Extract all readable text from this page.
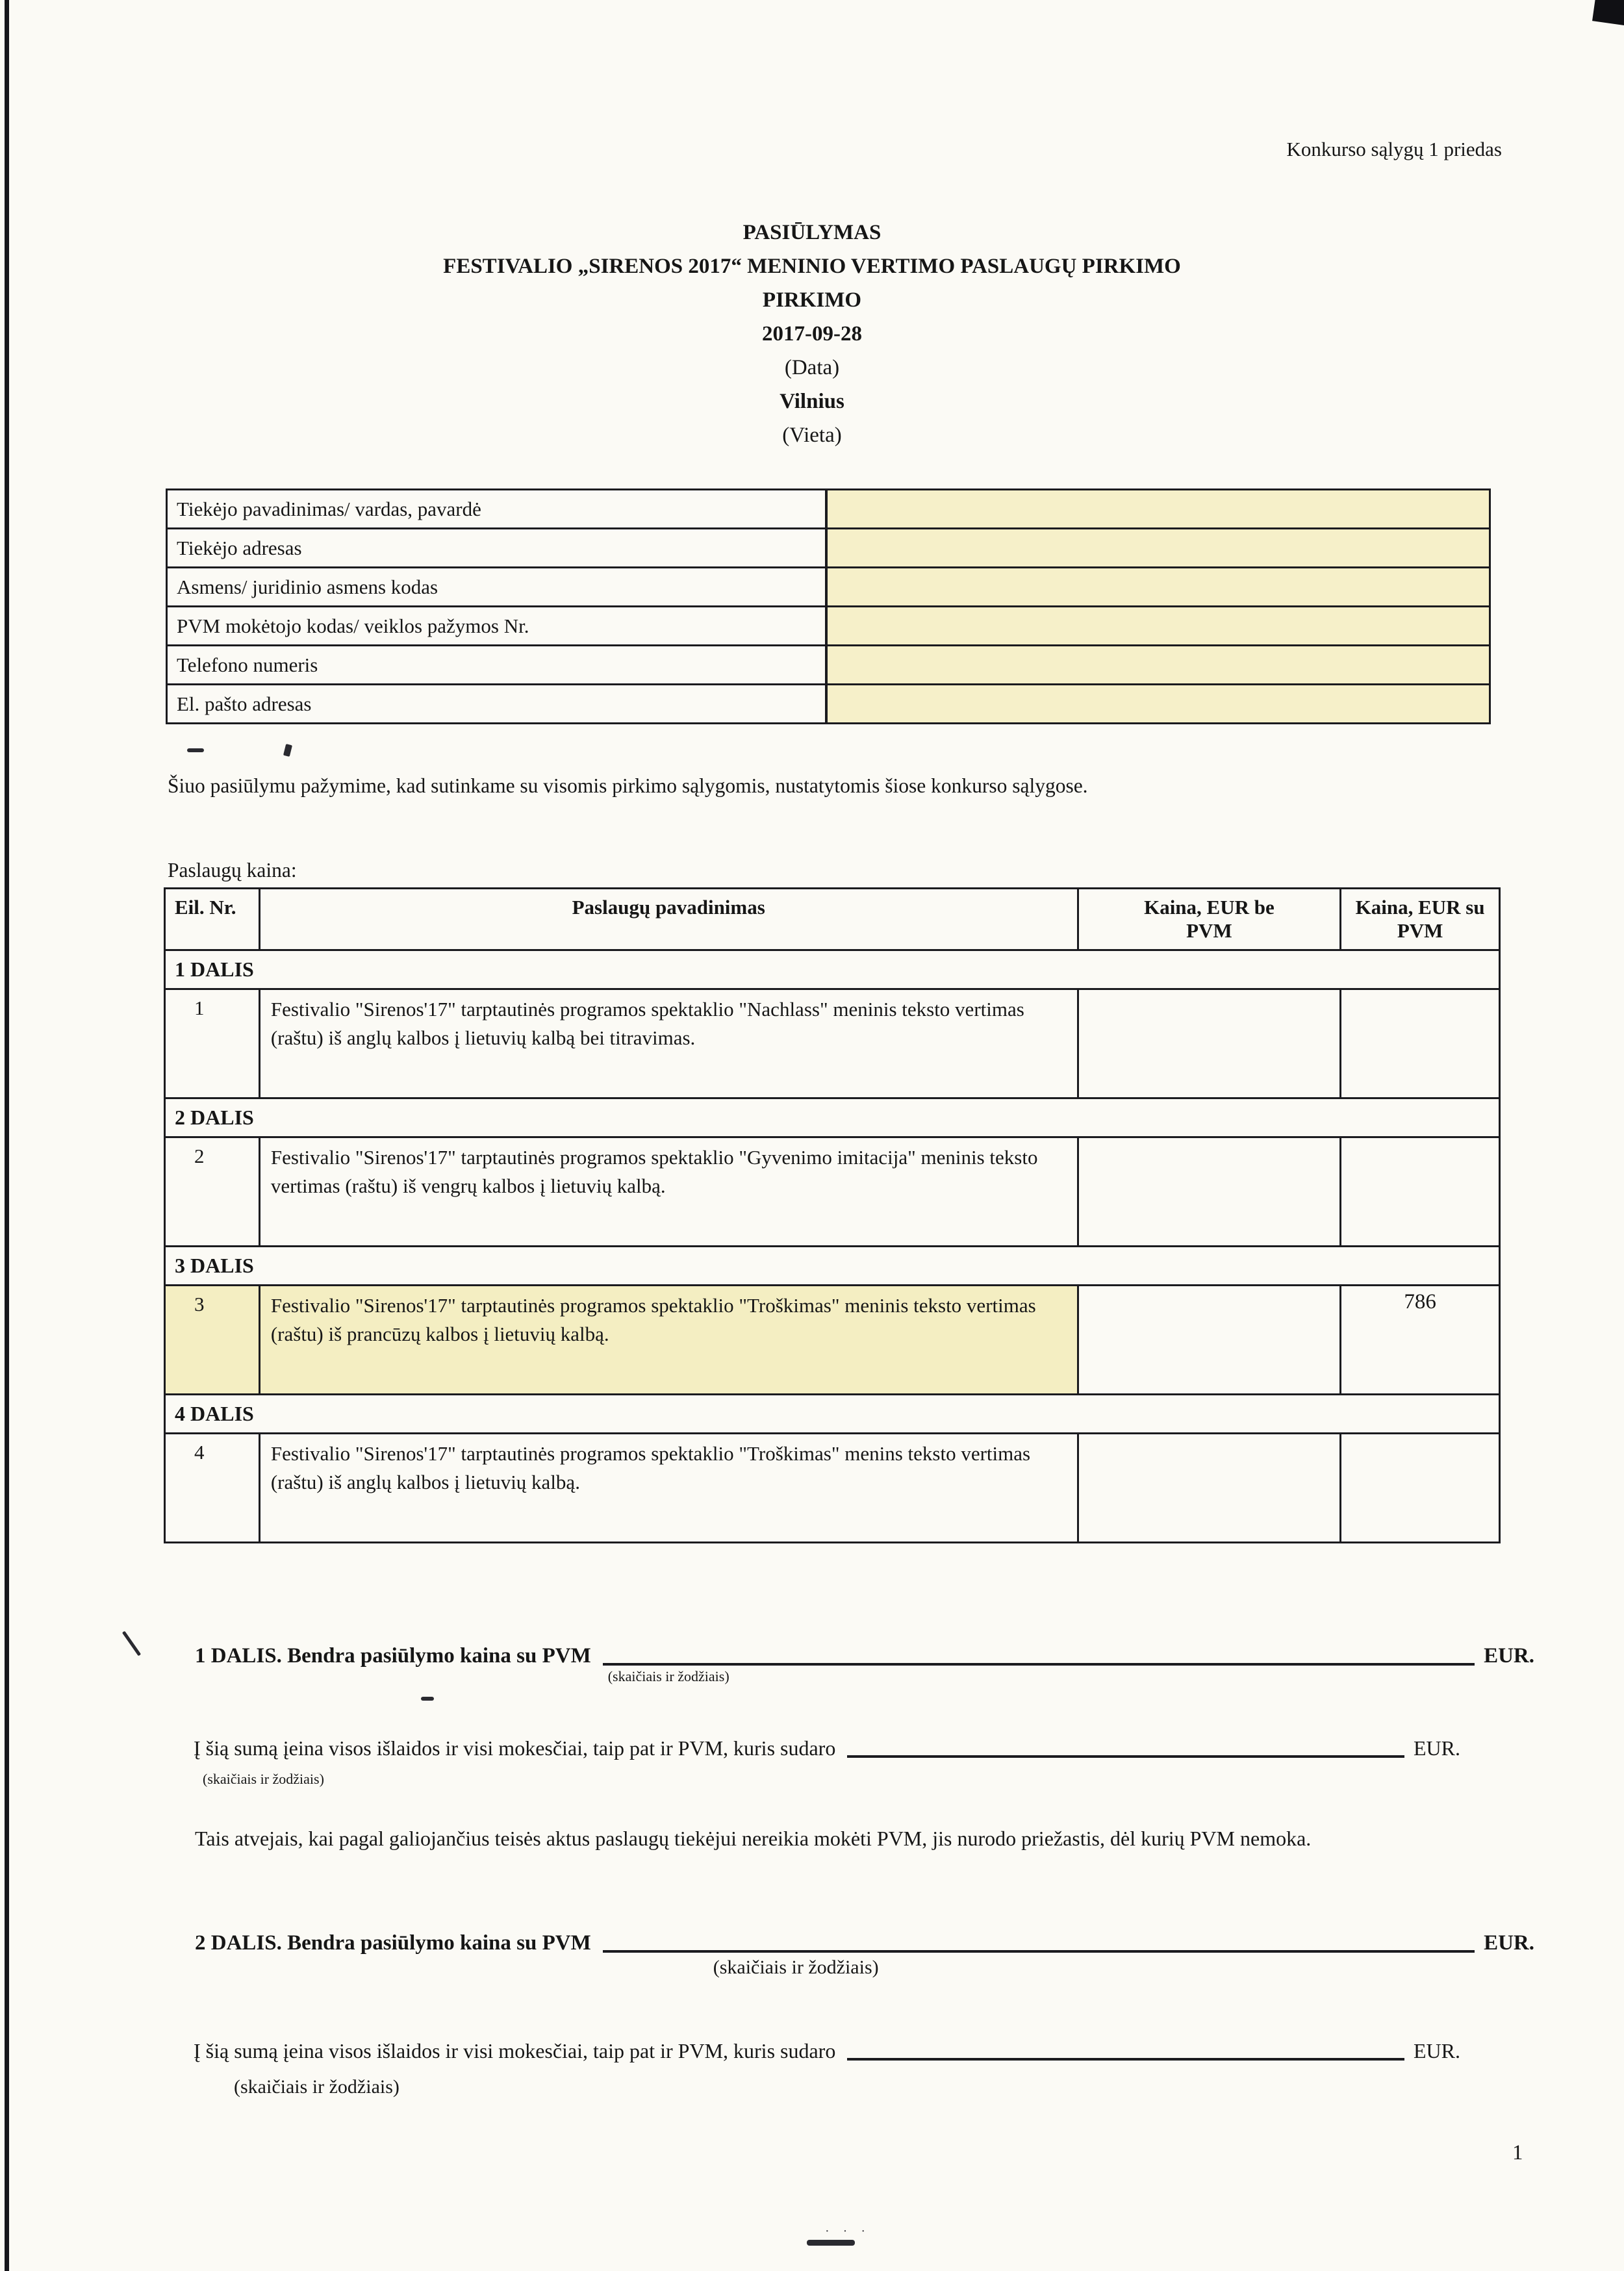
· · ·
Konkurso sąlygų 1 priedas
PASIŪLYMAS
FESTIVALIO „SIRENOS 2017“ MENINIO VERTIMO PASLAUGŲ PIRKIMO
PIRKIMO
2017-09-28
(Data)
Vilnius
(Vieta)
Tiekėjo pavadinimas/ vardas, pavardė	
Tiekėjo adresas	
Asmens/ juridinio asmens kodas	
PVM mokėtojo kodas/ veiklos pažymos Nr.	
Telefono numeris	
El. pašto adresas	
Šiuo pasiūlymu pažymime, kad sutinkame su visomis pirkimo sąlygomis, nustatytomis šiose konkurso sąlygose.
Paslaugų kaina:
Eil. Nr.	Paslaugų pavadinimas	Kaina, EUR be PVM	Kaina, EUR su PVM
1 DALIS			
1	Festivalio "Sirenos'17" tarptautinės programos spektaklio "Nachlass" meninis teksto vertimas (raštu) iš anglų kalbos į lietuvių kalbą bei titravimas.		
2 DALIS			
2	Festivalio "Sirenos'17" tarptautinės programos spektaklio "Gyvenimo imitacija" meninis teksto vertimas (raštu) iš vengrų kalbos į lietuvių kalbą.		
3 DALIS			
3	Festivalio "Sirenos'17" tarptautinės programos spektaklio "Troškimas" meninis teksto vertimas (raštu) iš prancūzų kalbos į lietuvių kalbą.		786
4 DALIS			
4	Festivalio "Sirenos'17" tarptautinės programos spektaklio "Troškimas" menins teksto vertimas (raštu) iš anglų kalbos į lietuvių kalbą.		
1 DALIS. Bendra pasiūlymo kaina su PVM
(skaičiais ir žodžiais)
EUR.
Į šią sumą įeina visos išlaidos ir visi mokesčiai, taip pat ir PVM, kuris sudaro	EUR.
(skaičiais ir žodžiais)
Tais atvejais, kai pagal galiojančius teisės aktus paslaugų tiekėjui nereikia mokėti PVM, jis nurodo priežastis, dėl kurių PVM nemoka.
2 DALIS. Bendra pasiūlymo kaina su PVM
(skaičiais ir žodžiais)
EUR.
Į šią sumą įeina visos išlaidos ir visi mokesčiai, taip pat ir PVM, kuris sudaro	EUR.
(skaičiais ir žodžiais)
1
